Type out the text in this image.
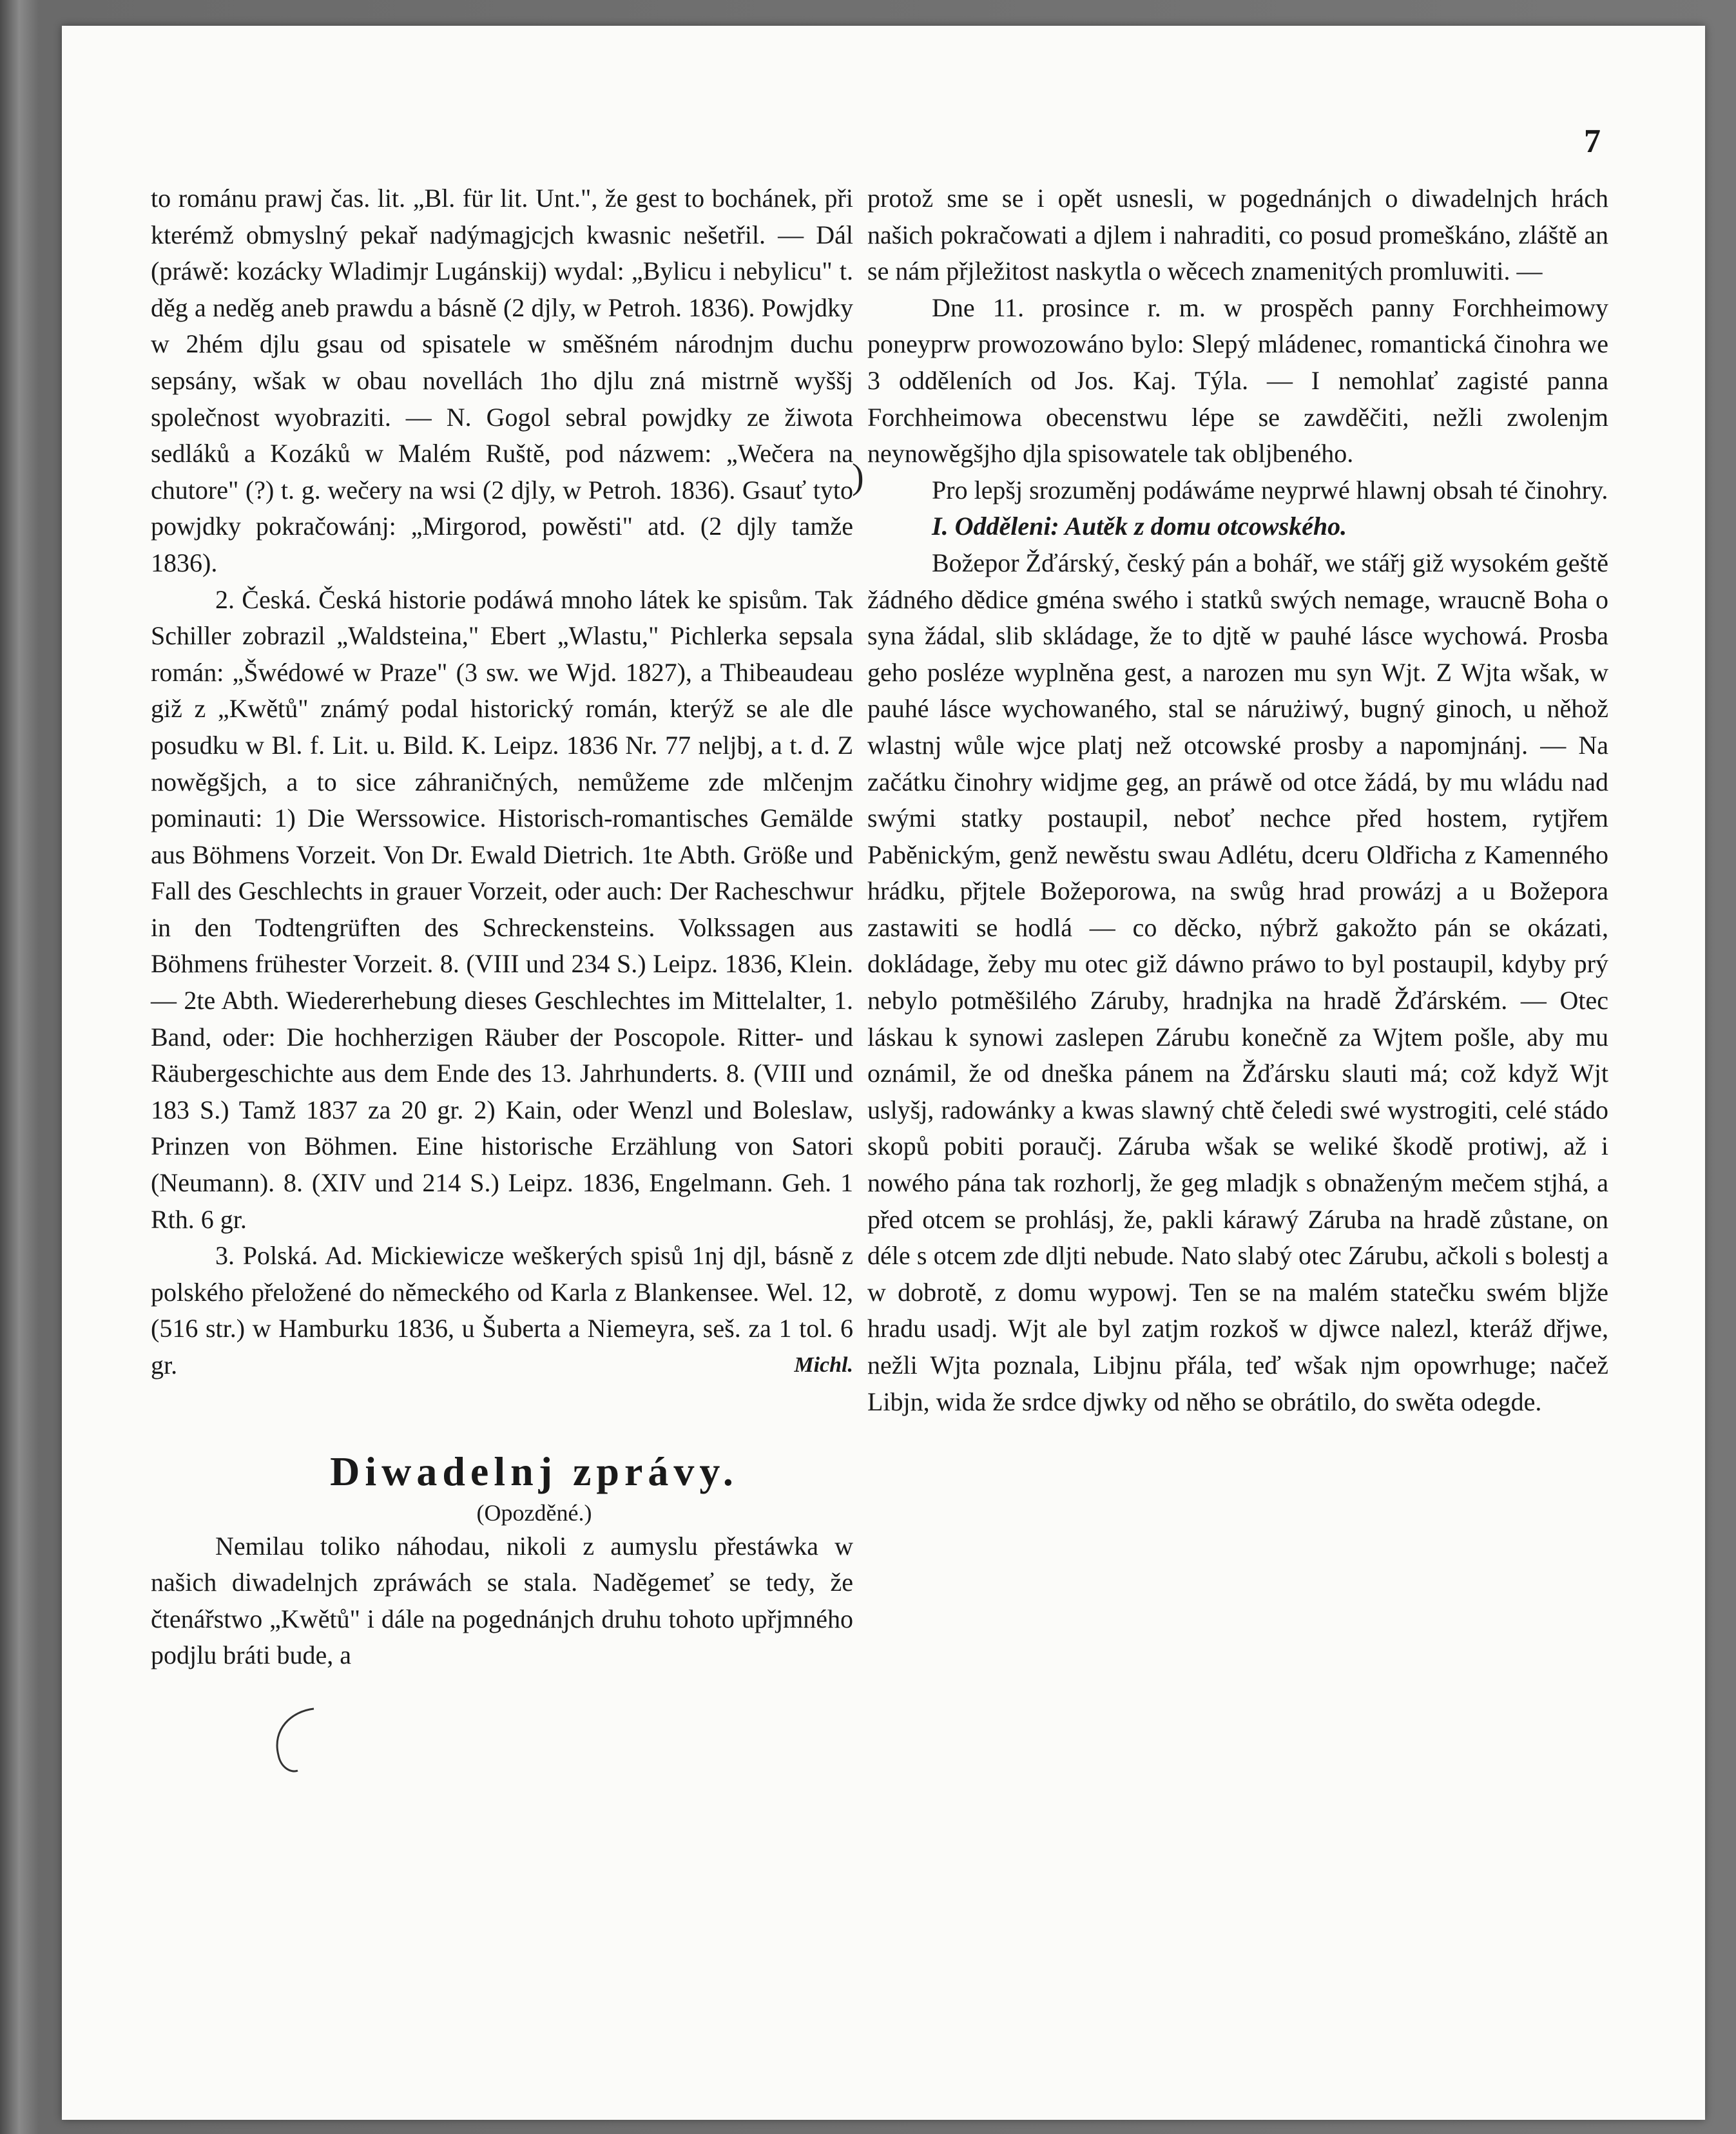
7

to románu prawj čas. lit. „Bl. für lit. Unt.", že gest to bochánek, při kterémž obmyslný pekař nadýmagjcjch kwasnic nešetřil. — Dál (práwě: kozácky Wladimjr Lugánskij) wydal: „Bylicu i nebylicu" t. děg a neděg aneb prawdu a básně (2 djly, w Petroh. 1836). Powjdky w 2hém djlu gsau od spisatele w směšném národnjm duchu sepsány, wšak w obau novellách 1ho djlu zná mistrně wyššj společnost wyobraziti. — N. Gogol sebral powjdky ze žiwota sedláků a Kozáků w Malém Ruště, pod názwem: „Wečera na chutore" (?) t. g. wečery na wsi (2 djly, w Petroh. 1836). Gsauť tyto powjdky pokračowánj: „Mirgorod, powěsti" atd. (2 djly tamže 1836).

2. Česká. Česká historie podáwá mnoho látek ke spisům. Tak Schiller zobrazil „Waldsteina," Ebert „Wlastu," Pichlerka sepsala román: „Šwédowé w Praze" (3 sw. we Wjd. 1827), a Thibeaudeau giž z „Kwětů" známý podal historický román, kterýž se ale dle posudku w Bl. f. Lit. u. Bild. K. Leipz. 1836 Nr. 77 neljbj, a t. d. Z nowěgšjch, a to sice záhraničných, nemůžeme zde mlčenjm pominauti: 1) Die Werssowice. Historisch-romantisches Gemälde aus Böhmens Vorzeit. Von Dr. Ewald Dietrich. 1te Abth. Größe und Fall des Geschlechts in grauer Vorzeit, oder auch: Der Racheschwur in den Todtengrüften des Schreckensteins. Volkssagen aus Böhmens frühester Vorzeit. 8. (VIII und 234 S.) Leipz. 1836, Klein. — 2te Abth. Wiedererhebung dieses Geschlechtes im Mittelalter, 1. Band, oder: Die hochherzigen Räuber der Poscopole. Ritter- und Räubergeschichte aus dem Ende des 13. Jahrhunderts. 8. (VIII und 183 S.) Tamž 1837 za 20 gr. 2) Kain, oder Wenzl und Boleslaw, Prinzen von Böhmen. Eine historische Erzählung von Satori (Neumann). 8. (XIV und 214 S.) Leipz. 1836, Engelmann. Geh. 1 Rth. 6 gr.

3. Polská. Ad. Mickiewicze weškerých spisů 1nj djl, básně z polského přeložené do německého od Karla z Blankensee. Wel. 12, (516 str.) w Hamburku 1836, u Šuberta a Niemeyra, seš. za 1 tol. 6 gr.	Michl.

Diwadelnj zprávy.

(Opozděné.)

Nemilau toliko náhodau, nikoli z aumyslu přestáwka w našich diwadelnjch zpráwách se stala. Naděgemeť se tedy, že čtenářstwo „Kwětů" i dále na pogednánjch druhu tohoto upřjmného podjlu bráti bude, a

)

protož sme se i opět usnesli, w pogednánjch o diwadelnjch hrách našich pokračowati a djlem i nahraditi, co posud promeškáno, zláště an se nám přjležitost naskytla o wěcech znamenitých promluwiti. —

Dne 11. prosince r. m. w prospěch panny Forchheimowy poneyprw prowozowáno bylo: Slepý mládenec, romantická činohra we 3 odděleních od Jos. Kaj. Týla. — I nemohlať zagisté panna Forchheimowa obecenstwu lépe se zawděčiti, nežli zwolenjm neynowěgšjho djla spisowatele tak obljbeného.

Pro lepšj srozuměnj podáwáme neyprwé hlawnj obsah té činohry.

I. Odděleni: Autěk z domu otcowského.

Božepor Žďárský, český pán a bohář, we stářj giž wysokém geště žádného dědice gména swého i statků swých nemage, wraucně Boha o syna žádal, slib skládage, že to djtě w pauhé lásce wychowá. Prosba geho posléze wyplněna gest, a narozen mu syn Wjt. Z Wjta wšak, w pauhé lásce wychowaného, stal se nárużiwý, bugný ginoch, u něhož wlastnj wůle wjce platj než otcowské prosby a napomjnánj. — Na začátku činohry widjme geg, an práwě od otce žádá, by mu wládu nad swými statky postaupil, neboť nechce před hostem, rytjřem Paběnickým, genž newěstu swau Adlétu, dceru Oldřicha z Kamenného hrádku, přjtele Božeporowa, na swůg hrad prowázj a u Božepora zastawiti se hodlá — co děcko, nýbrž gakožto pán se okázati, dokládage, žeby mu otec giž dáwno práwo to byl postaupil, kdyby prý nebylo potměšilého Záruby, hradnjka na hradě Žďárském. — Otec láskau k synowi zaslepen Zárubu konečně za Wjtem pošle, aby mu oznámil, že od dneška pánem na Žďársku slauti má; což když Wjt uslyšj, radowánky a kwas slawný chtě čeledi swé wystrogiti, celé stádo skopů pobiti poraučj. Záruba wšak se weliké škodě protiwj, až i nowého pána tak rozhorlj, že geg mladjk s obnaženým mečem stjhá, a před otcem se prohlásj, že, pakli kárawý Záruba na hradě zůstane, on déle s otcem zde dljti nebude. Nato slabý otec Zárubu, ačkoli s bolestj a w dobrotě, z domu wypowj. Ten se na malém statečku swém bljže hradu usadj. Wjt ale byl zatjm rozkoš w djwce nalezl, kteráž dřjwe, nežli Wjta poznala, Libjnu přála, teď wšak njm opowrhuge; načež Libjn, wida že srdce djwky od něho se obrátilo, do swěta odegde.
